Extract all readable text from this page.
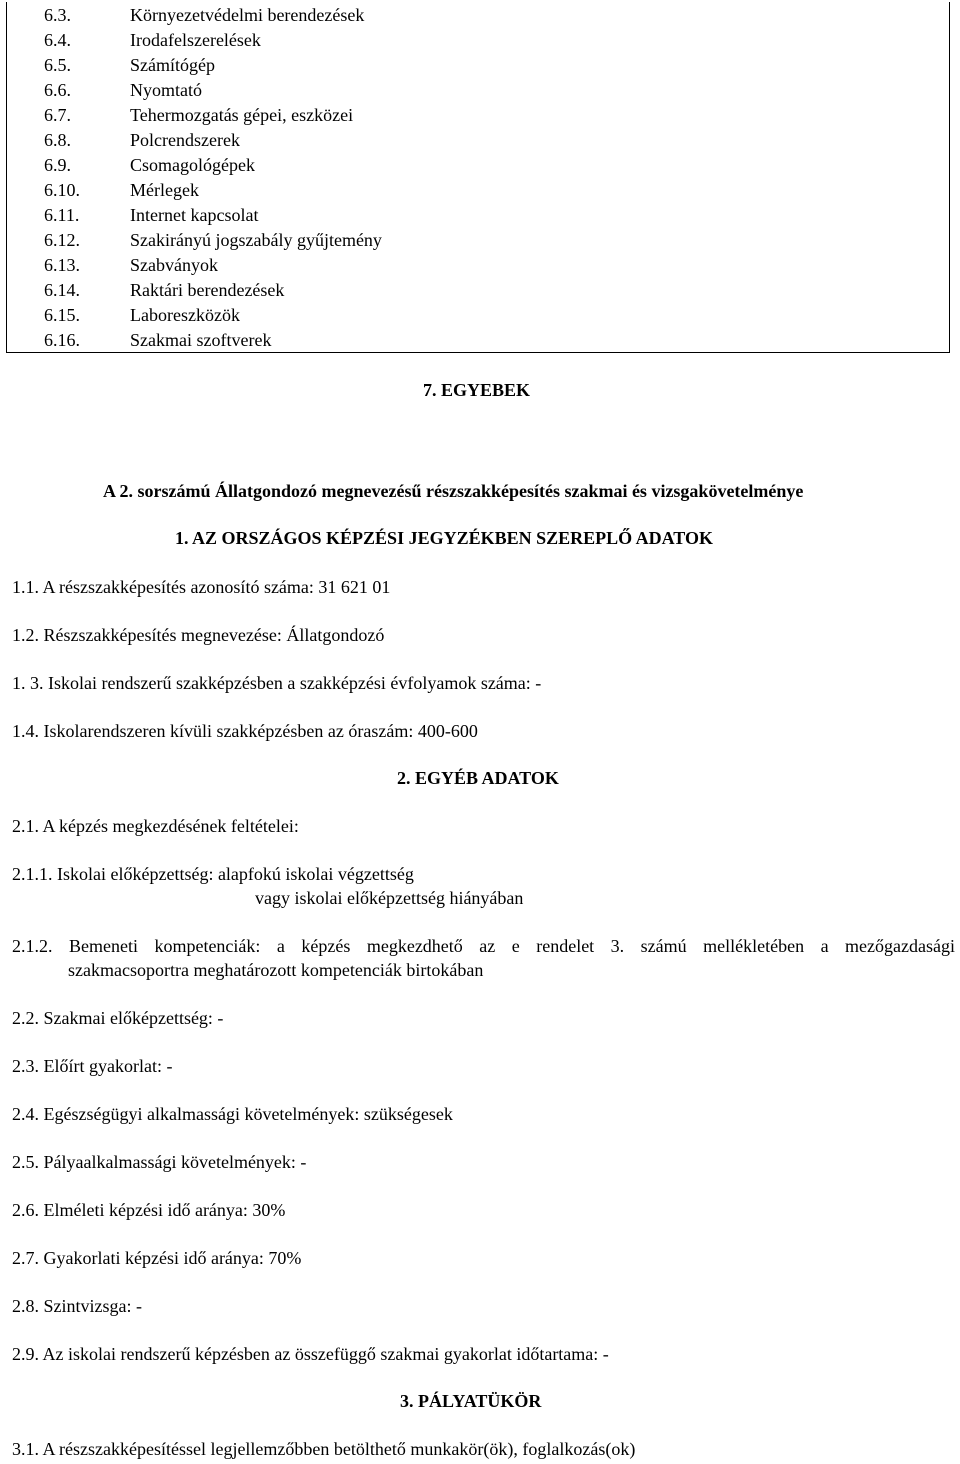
6.3.	Környezetvédelmi berendezések
6.4.	Irodafelszerelések
6.5.	Számítógép
6.6.	Nyomtató
6.7.	Tehermozgatás gépei, eszközei
6.8.	Polcrendszerek
6.9.	Csomagológépek
6.10.	Mérlegek
6.11.	Internet kapcsolat
6.12.	Szakirányú jogszabály gyűjtemény
6.13.	Szabványok
6.14.	Raktári berendezések
6.15.	Laboreszközök
6.16.	Szakmai szoftverek
7. EGYEBEK
A 2. sorszámú Állatgondozó megnevezésű részszakképesítés szakmai és vizsgakövetelménye
1. AZ ORSZÁGOS KÉPZÉSI JEGYZÉKBEN SZEREPLŐ ADATOK
1.1. A részszakképesítés azonosító száma: 31 621 01
1.2. Részszakképesítés megnevezése: Állatgondozó
1. 3. Iskolai rendszerű szakképzésben a szakképzési évfolyamok száma: -
1.4. Iskolarendszeren kívüli szakképzésben az óraszám: 400-600
2. EGYÉB ADATOK
2.1. A képzés megkezdésének feltételei:
2.1.1. Iskolai előképzettség: alapfokú iskolai végzettség
vagy iskolai előképzettség hiányában
2.1.2. Bemeneti kompetenciák: a képzés megkezdhető az e rendelet 3. számú mellékletében a mezőgazdasági
szakmacsoportra meghatározott kompetenciák birtokában
2.2. Szakmai előképzettség: -
2.3. Előírt gyakorlat: -
2.4. Egészségügyi alkalmassági követelmények: szükségesek
2.5. Pályaalkalmassági követelmények: -
2.6. Elméleti képzési idő aránya: 30%
2.7. Gyakorlati képzési idő aránya: 70%
2.8. Szintvizsga: -
2.9. Az iskolai rendszerű képzésben az összefüggő szakmai gyakorlat időtartama: -
3. PÁLYATÜKÖR
3.1. A részszakképesítéssel legjellemzőbben betölthető munkakör(ök), foglalkozás(ok)
